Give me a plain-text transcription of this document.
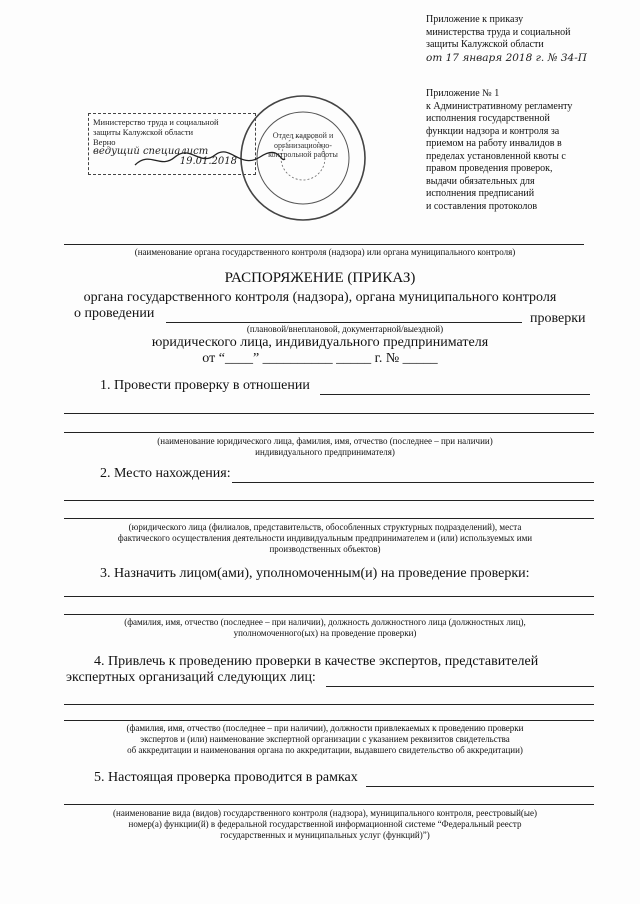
Приложение к приказу
министерства труда и социальной
защиты Калужской области
от 17 января 2018 г. № 34-П
Приложение № 1
к Административному регламенту
исполнения государственной
функции надзора и контроля за
приемом на работу инвалидов в
пределах установленной квоты с
правом проведения проверок,
выдачи обязательных для
исполнения предписаний
и составления протоколов
Министерство труда и социальной
защиты Калужской области
Верно
ведущий специалист
19.01.2018
Отдел кадровой и организационно-контрольной работы
(наименование органа государственного контроля (надзора) или органа муниципального контроля)
РАСПОРЯЖЕНИЕ (ПРИКАЗ)
органа государственного контроля (надзора), органа муниципального контроля
о проведении	проверки
(плановой/внеплановой, документарной/выездной)
юридического лица, индивидуального предпринимателя
от “____” __________ _____ г. № _____
1. Провести проверку в отношении
(наименование юридического лица, фамилия, имя, отчество (последнее – при наличии)
индивидуального предпринимателя)
2. Место нахождения:
(юридического лица (филиалов, представительств, обособленных структурных подразделений), места
фактического осуществления деятельности индивидуальным предпринимателем и (или) используемых ими
производственных объектов)
3. Назначить лицом(ами), уполномоченным(и) на проведение проверки:
(фамилия, имя, отчество (последнее – при наличии), должность должностного лица (должностных лиц),
уполномоченного(ых) на проведение проверки)
4. Привлечь к проведению проверки в качестве экспертов, представителей
экспертных организаций следующих лиц:
(фамилия, имя, отчество (последнее – при наличии), должности привлекаемых к проведению проверки
экспертов и (или) наименование экспертной организации с указанием реквизитов свидетельства
об аккредитации и наименования органа по аккредитации, выдавшего свидетельство об аккредитации)
5. Настоящая проверка проводится в рамках
(наименование вида (видов) государственного контроля (надзора), муниципального контроля, реестровый(ые)
номер(а) функции(й) в федеральной государственной информационной системе “Федеральный реестр
государственных и муниципальных услуг (функций)”)
